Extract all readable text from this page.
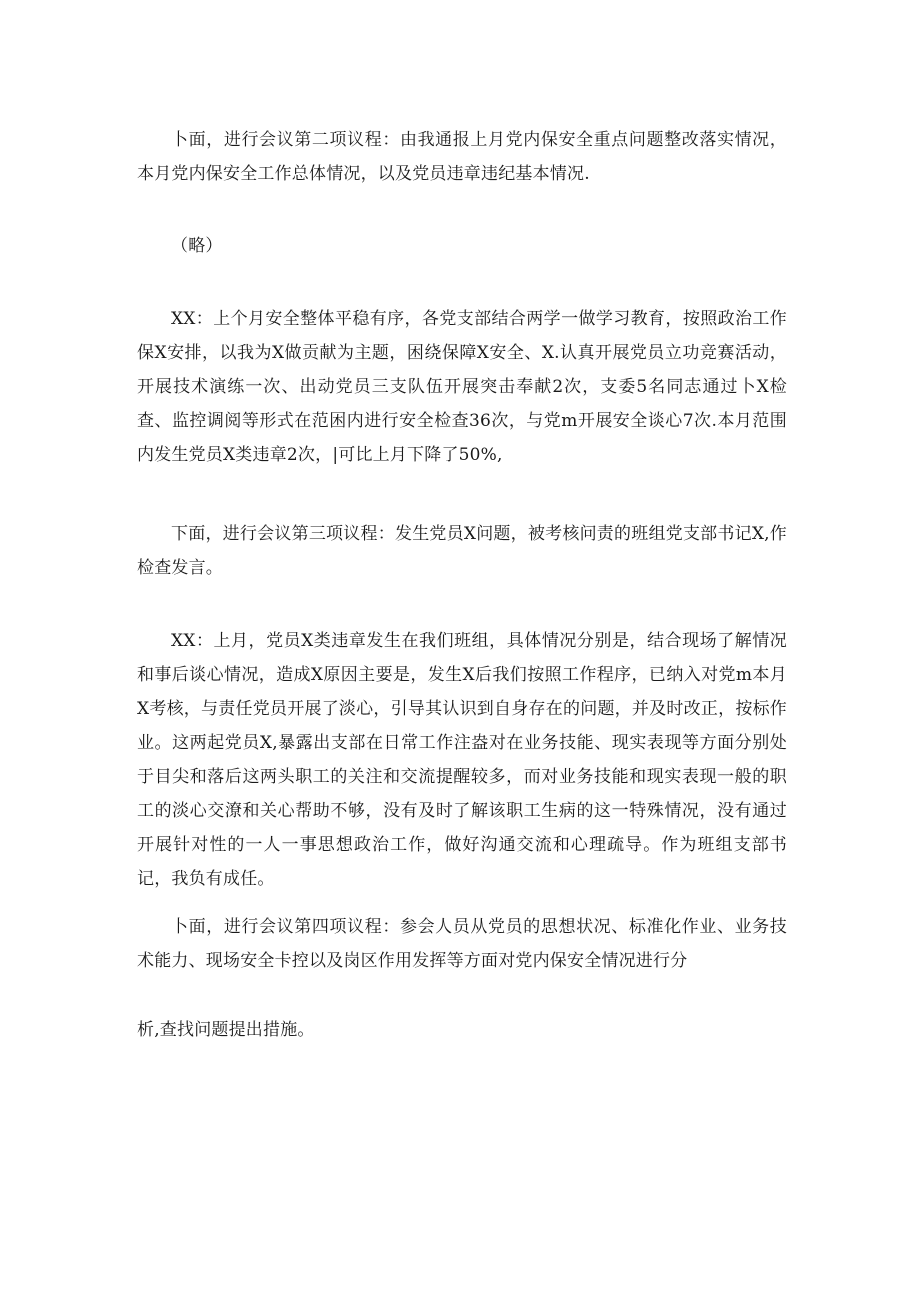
卜面，进行会议第二项议程：由我通报上月党内保安全重点问题整改落实情况，本月党内保安全工作总体情况，以及党员违章违纪基本情况.

（略）

XX：上个月安全整体平稳有序，各党支部结合两学一做学习教育，按照政治工作保X安排，以我为X做贡献为主题，困绕保障X安全、X.认真开展党员立功竞赛活动，开展技术演练一次、出动党员三支队伍开展突击奉献2次，支委5名同志通过卜X检查、监控调阅等形式在范困内进行安全检查36次，与党m开展安全谈心7次.本月范围内发生党员X类违章2次，|可比上月下降了50%,

下面，进行会议第三项议程：发生党员X问题，被考核问责的班组党支部书记X,作检查发言。

XX：上月，党员X类违章发生在我们班组，具体情况分别是，结合现场了解情况和事后谈心情况，造成X原因主要是，发生X后我们按照工作程序，已纳入对党m本月X考核，与责任党员开展了淡心，引导其认识到自身存在的问题，并及时改正，按标作业。这两起党员X,暴露出支部在日常工作注盎对在业务技能、现实表现等方面分别处于目尖和落后这两头职工的关注和交流提醒较多，而对业务技能和现实表现一般的职工的淡心交潦和关心帮助不够，没有及时了解该职工生病的这一特殊情况，没有通过开展针对性的一人一事思想政治工作，做好沟通交流和心理疏导。作为班组支部书记，我负有成任。

卜面，进行会议第四项议程：参会人员从党员的思想状况、标准化作业、业务技术能力、现场安全卡控以及岗区作用发挥等方面对党内保安全情况进行分

析,查找问题提出措施。
